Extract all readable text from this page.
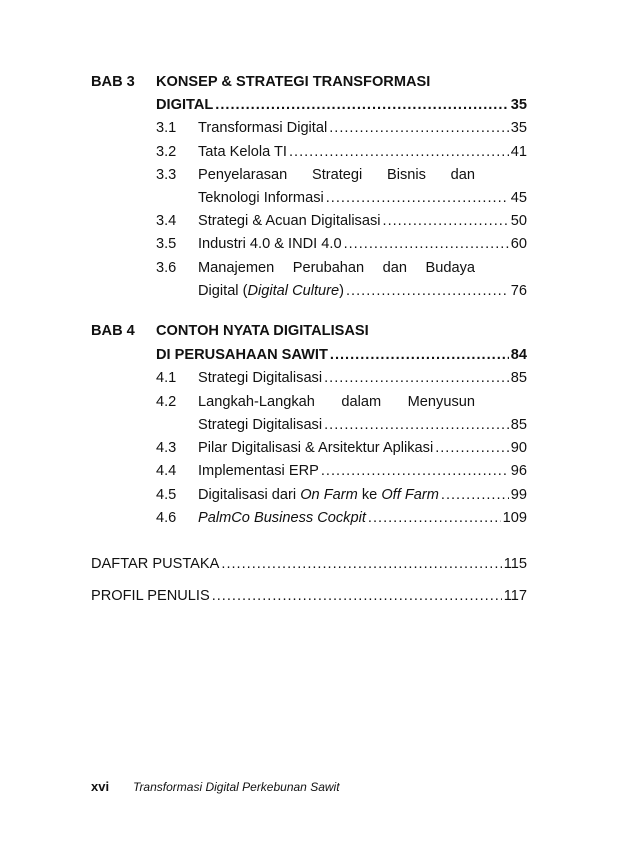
BAB 3 KONSEP & STRATEGI TRANSFORMASI
DIGITAL .....	35
3.1 Transformasi Digital .....	35
3.2 Tata Kelola TI .....	41
3.3 Penyelarasan Strategi Bisnis dan
Teknologi Informasi .....	45
3.4 Strategi & Acuan Digitalisasi .....	50
3.5 Industri 4.0 & INDI 4.0 .....	60
3.6 Manajemen Perubahan dan Budaya
Digital (Digital Culture) .....	76
BAB 4 CONTOH NYATA DIGITALISASI
DI PERUSAHAAN SAWIT .....	84
4.1 Strategi Digitalisasi .....	85
4.2 Langkah-Langkah dalam Menyusun
Strategi Digitalisasi .....	85
4.3 Pilar Digitalisasi & Arsitektur Aplikasi .....	90
4.4 Implementasi ERP .....	96
4.5 Digitalisasi dari On Farm ke Off Farm .....	99
4.6 PalmCo Business Cockpit .....	109
DAFTAR PUSTAKA .....	115
PROFIL PENULIS .....	117
xvi Transformasi Digital Perkebunan Sawit
